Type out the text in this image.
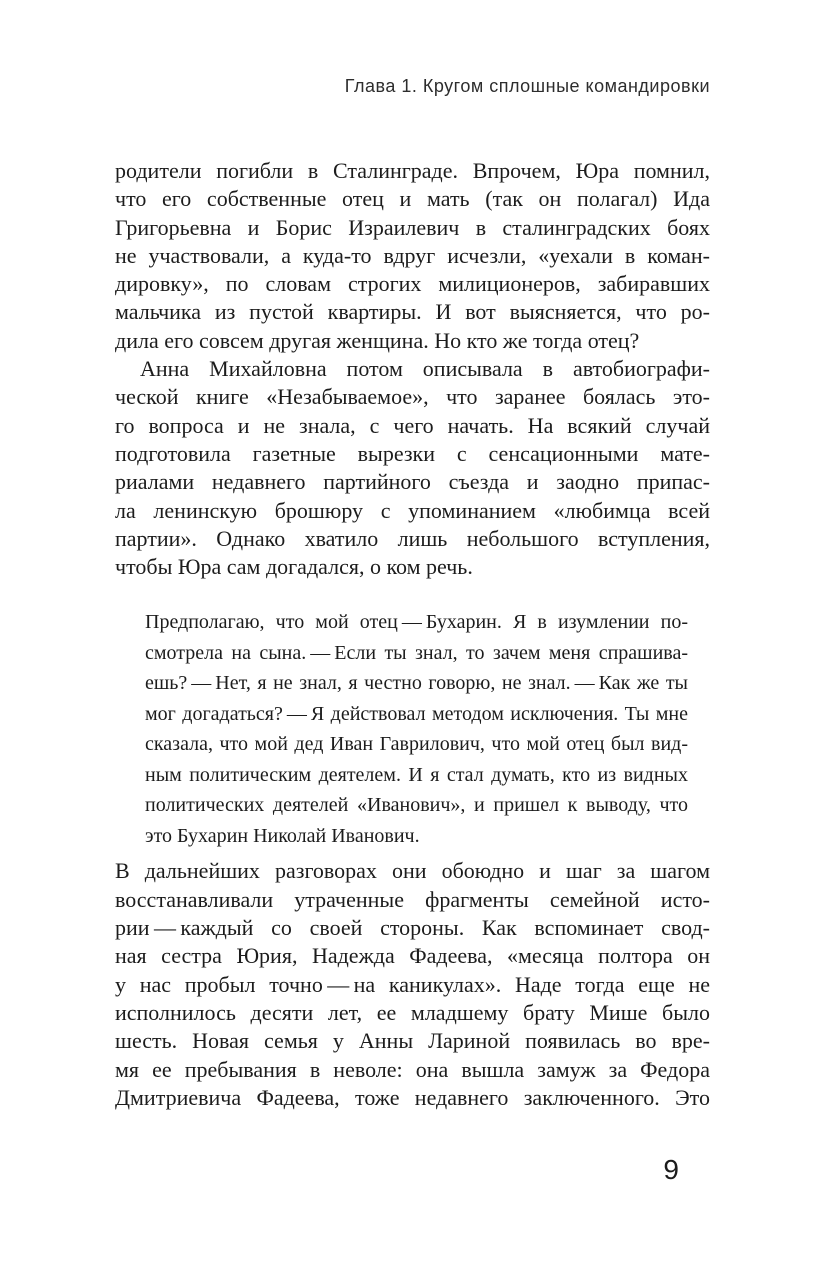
Глава 1. Кругом сплошные командировки
родители погибли в Сталинграде. Впрочем, Юра помнил,
что его собственные отец и мать (так он полагал) Ида
Григорьевна и Борис Израилевич в сталинградских боях
не участвовали, а куда-то вдруг исчезли, «уехали в коман-
дировку», по словам строгих милиционеров, забиравших
мальчика из пустой квартиры. И вот выясняется, что ро-
дила его совсем другая женщина. Но кто же тогда отец?
Анна Михайловна потом описывала в автобиографи-
ческой книге «Незабываемое», что заранее боялась это-
го вопроса и не знала, с чего начать. На всякий случай
подготовила газетные вырезки с сенсационными мате-
риалами недавнего партийного съезда и заодно припас-
ла ленинскую брошюру с упоминанием «любимца всей
партии». Однако хватило лишь небольшого вступления,
чтобы Юра сам догадался, о ком речь.
Предполагаю, что мой отец — Бухарин. Я в изумлении по-
смотрела на сына. — Если ты знал, то зачем меня спрашива-
ешь? — Нет, я не знал, я честно говорю, не знал. — Как же ты
мог догадаться? — Я действовал методом исключения. Ты мне
сказала, что мой дед Иван Гаврилович, что мой отец был вид-
ным политическим деятелем. И я стал думать, кто из видных
политических деятелей «Иванович», и пришел к выводу, что
это Бухарин Николай Иванович.
В дальнейших разговорах они обоюдно и шаг за шагом
восстанавливали утраченные фрагменты семейной исто-
рии — каждый со своей стороны. Как вспоминает свод-
ная сестра Юрия, Надежда Фадеева, «месяца полтора он
у нас пробыл точно — на каникулах». Наде тогда еще не
исполнилось десяти лет, ее младшему брату Мише было
шесть. Новая семья у Анны Лариной появилась во вре-
мя ее пребывания в неволе: она вышла замуж за Федора
Дмитриевича Фадеева, тоже недавнего заключенного. Это
9
